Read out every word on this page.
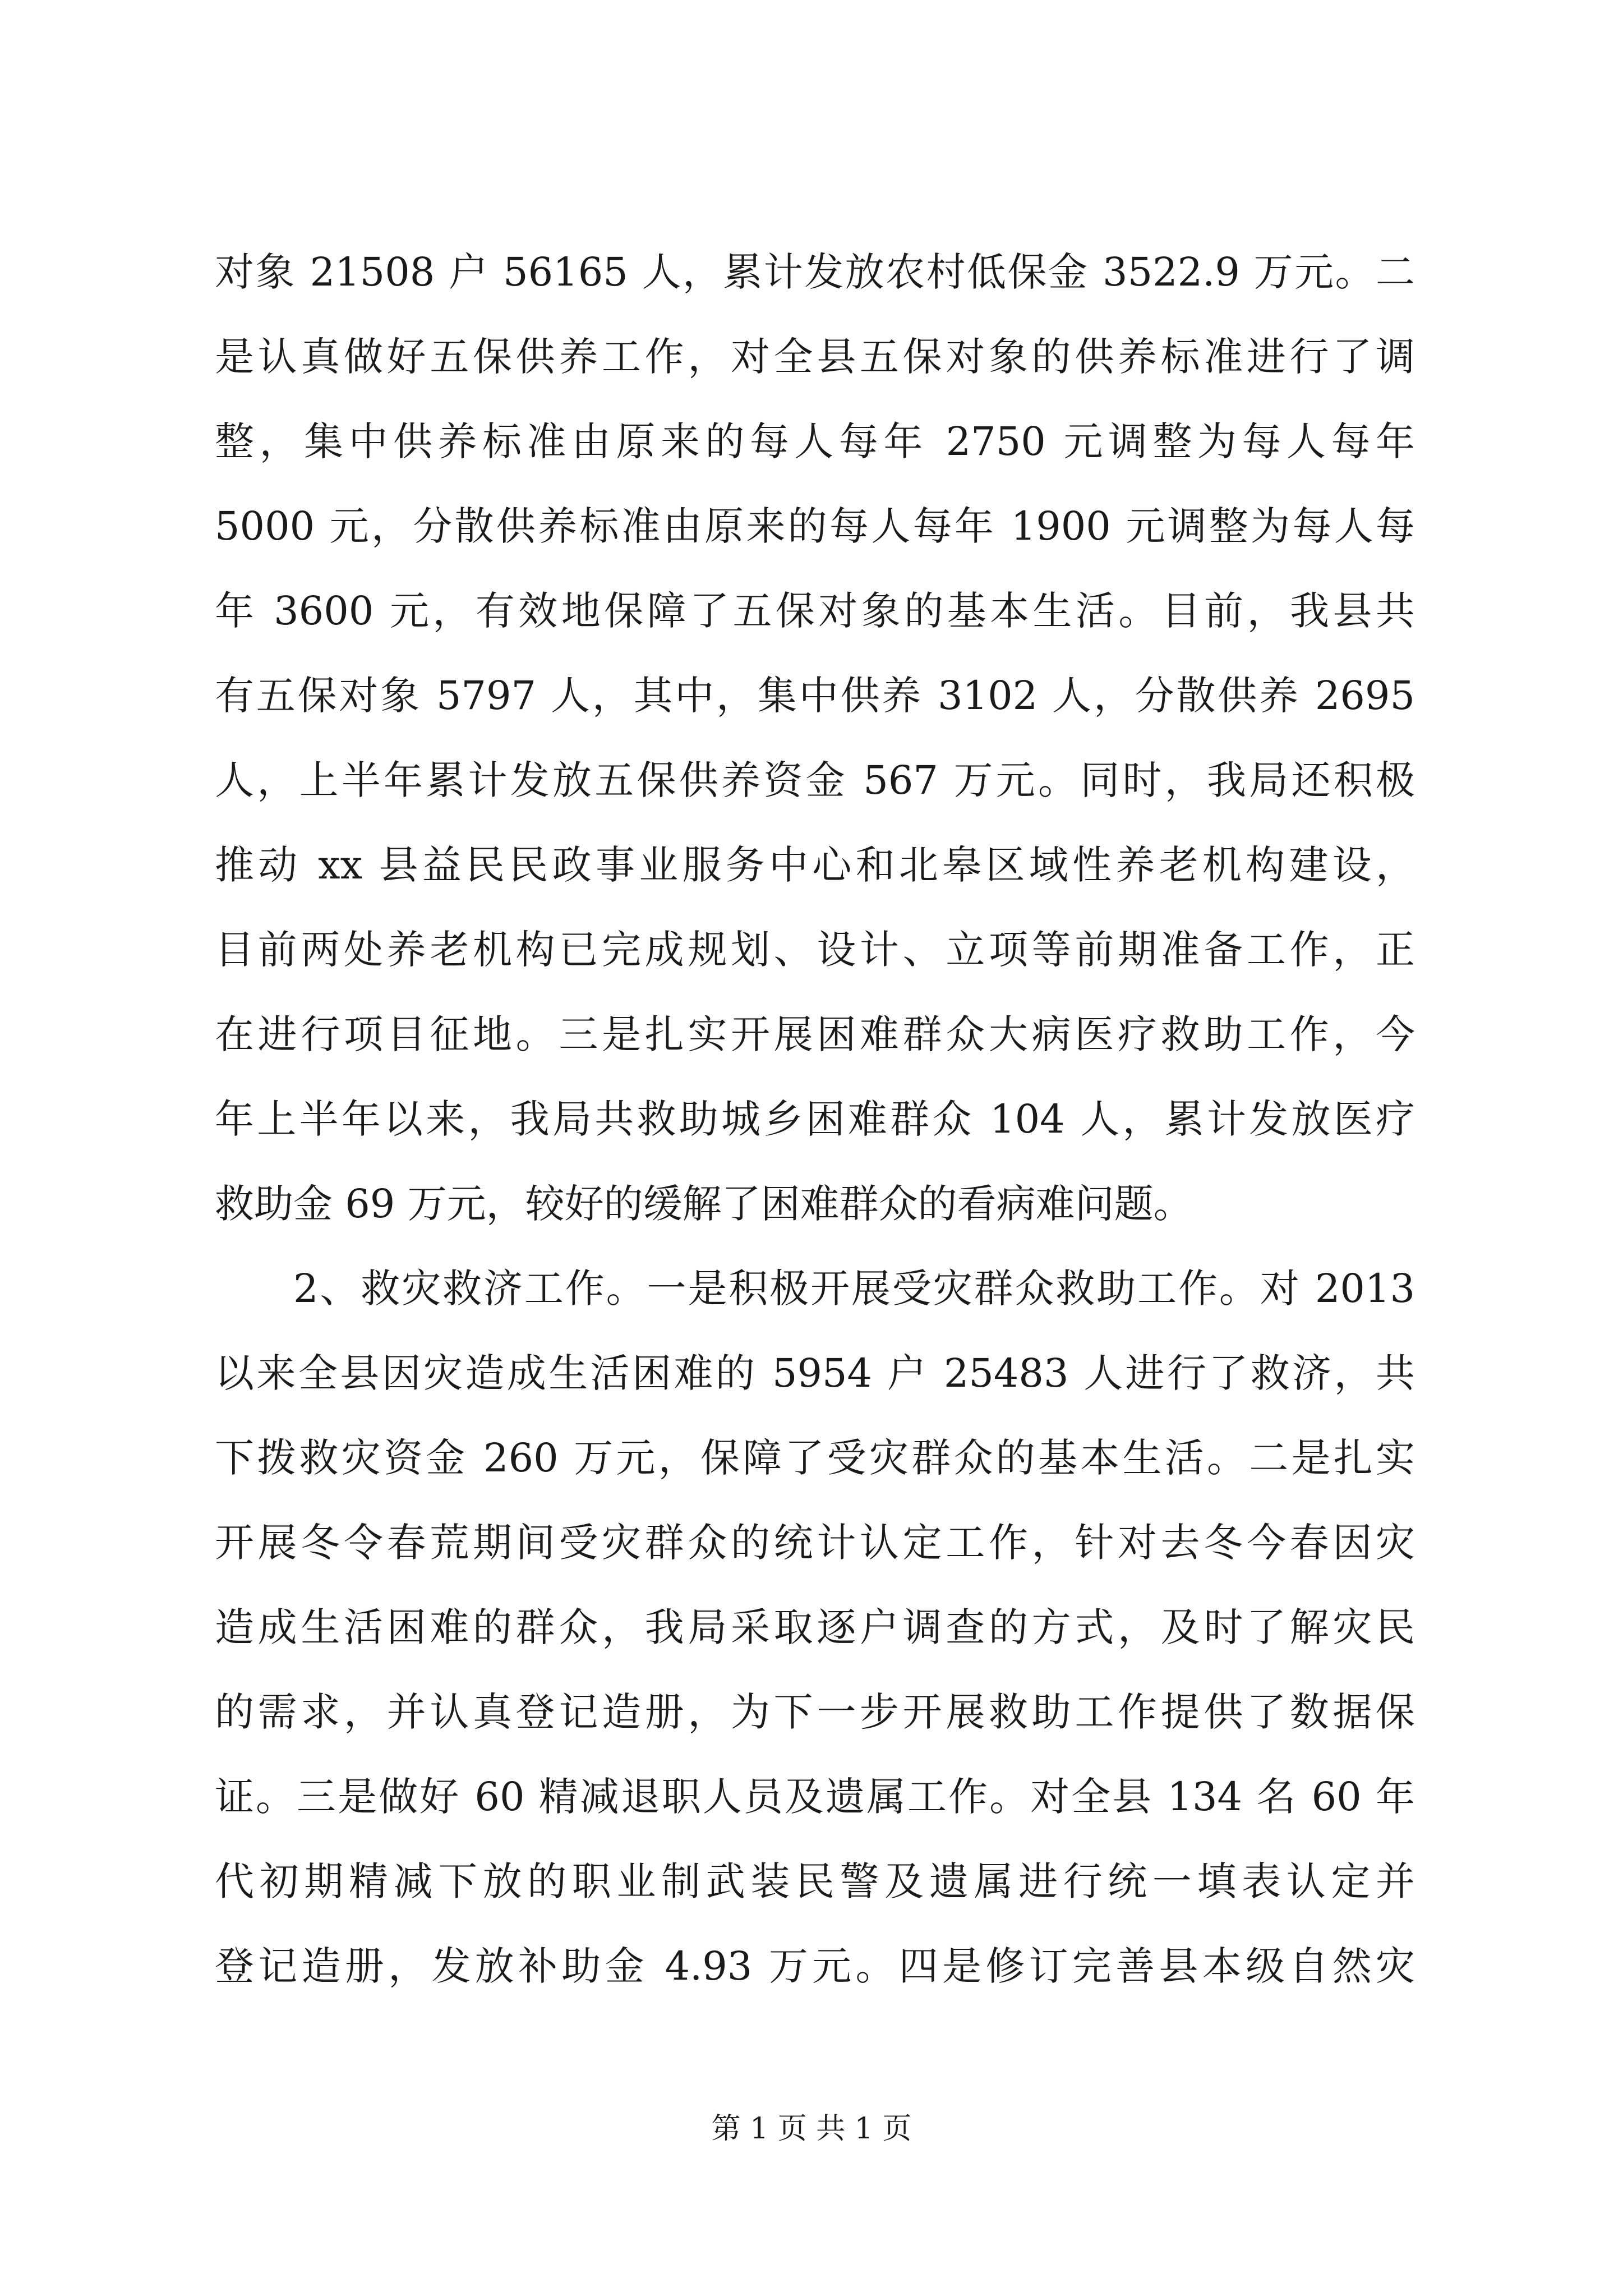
对象 21508 户 56165 人，累计发放农村低保金 3522.9 万元。二
是认真做好五保供养工作，对全县五保对象的供养标准进行了调
整，集中供养标准由原来的每人每年 2750 元调整为每人每年
5000 元，分散供养标准由原来的每人每年 1900 元调整为每人每
年 3600 元，有效地保障了五保对象的基本生活。目前，我县共
有五保对象 5797 人，其中，集中供养 3102 人，分散供养 2695
人，上半年累计发放五保供养资金 567 万元。同时，我局还积极
推动 xx 县益民民政事业服务中心和北皋区域性养老机构建设，
目前两处养老机构已完成规划、设计、立项等前期准备工作，正
在进行项目征地。三是扎实开展困难群众大病医疗救助工作，今
年上半年以来，我局共救助城乡困难群众 104 人，累计发放医疗
救助金 69 万元，较好的缓解了困难群众的看病难问题。
2、救灾救济工作。一是积极开展受灾群众救助工作。对 2013
以来全县因灾造成生活困难的 5954 户 25483 人进行了救济，共
下拨救灾资金 260 万元，保障了受灾群众的基本生活。二是扎实
开展冬令春荒期间受灾群众的统计认定工作，针对去冬今春因灾
造成生活困难的群众，我局采取逐户调查的方式，及时了解灾民
的需求，并认真登记造册，为下一步开展救助工作提供了数据保
证。三是做好 60 精减退职人员及遗属工作。对全县 134 名 60 年
代初期精减下放的职业制武装民警及遗属进行统一填表认定并
登记造册，发放补助金 4.93 万元。四是修订完善县本级自然灾
第 1 页 共 1 页
